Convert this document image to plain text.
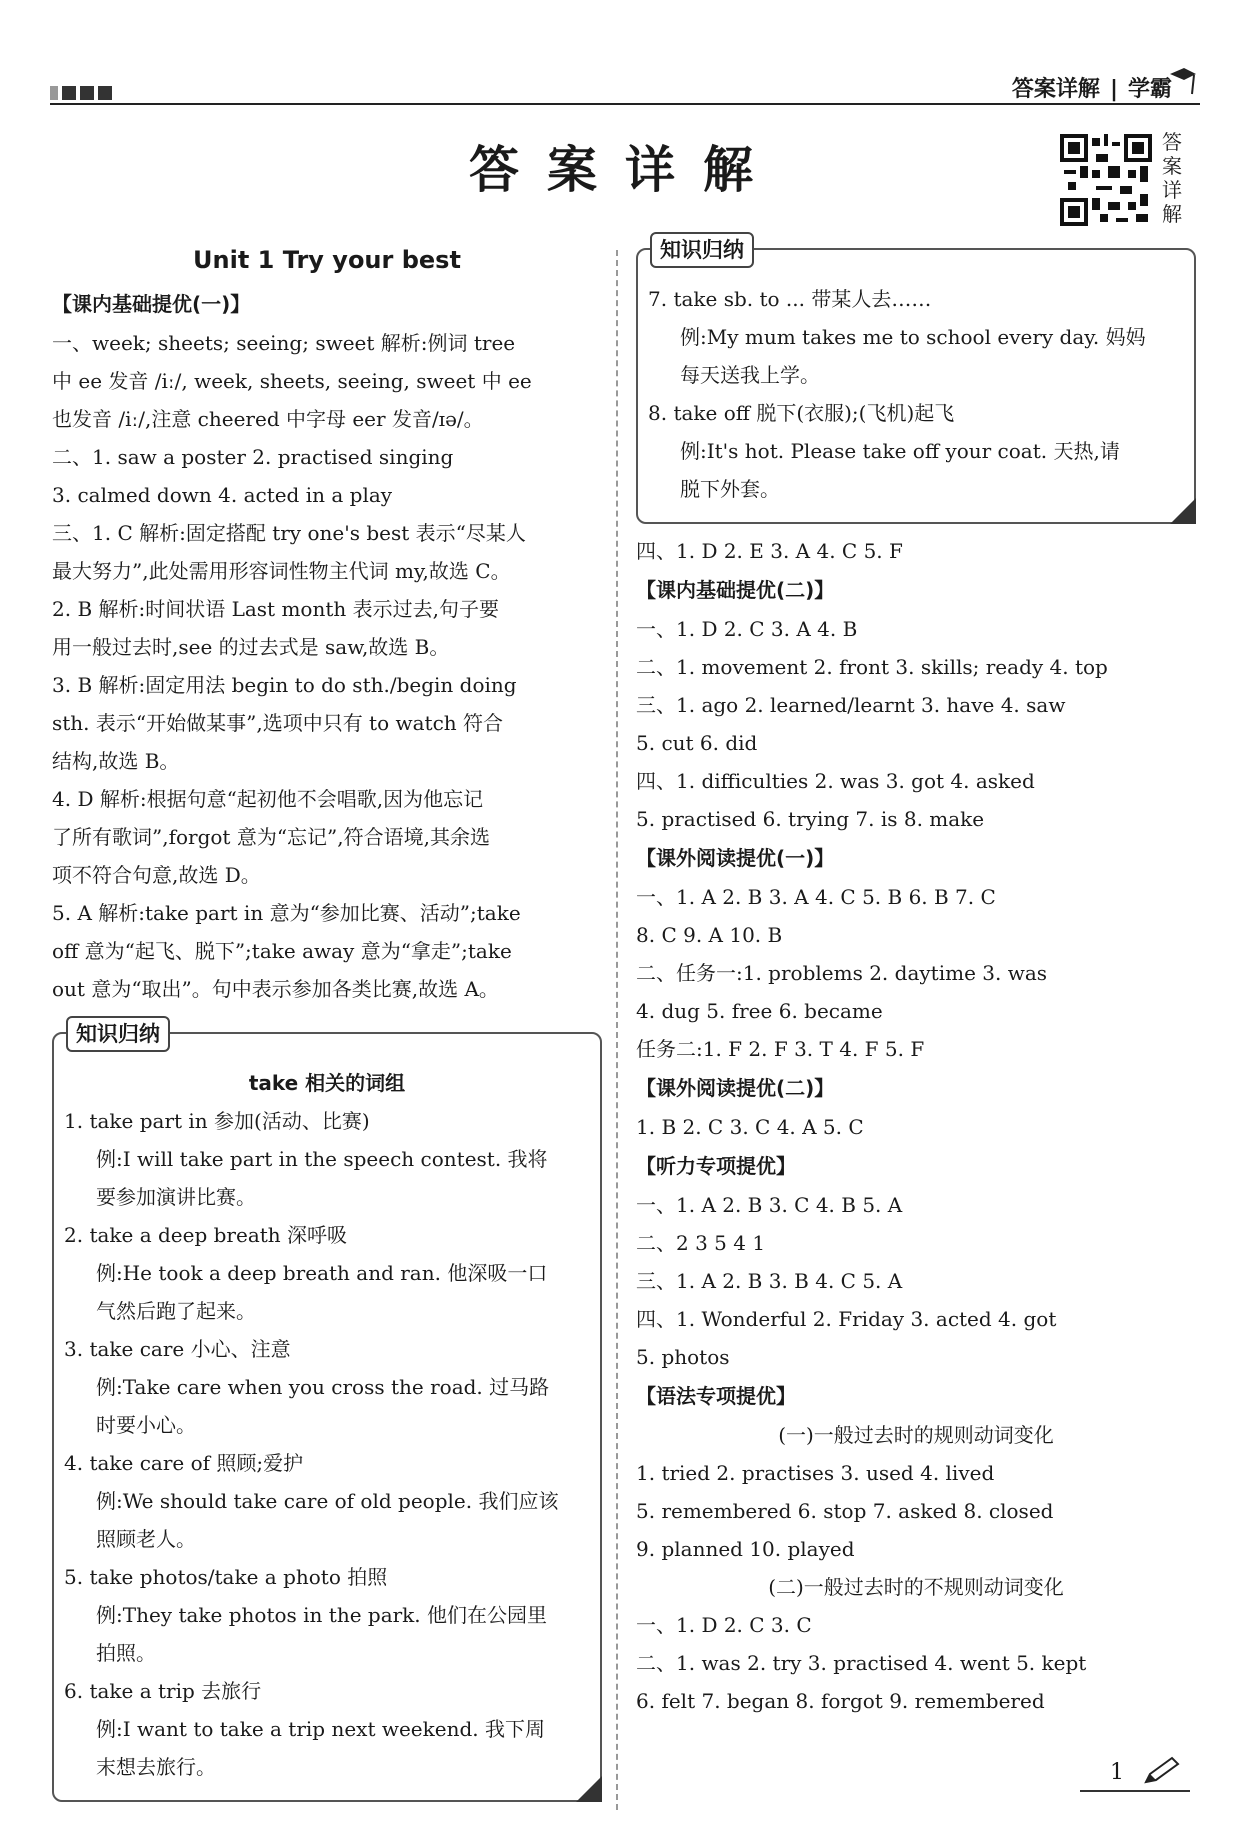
答案详解 | 学霸
答案详解	答案详解
Unit 1 Try your best
【课内基础提优(一)】
一、week; sheets; seeing; sweet 解析:例词 tree
中 ee 发音 /iː/, week, sheets, seeing, sweet 中 ee
也发音 /iː/,注意 cheered 中字母 eer 发音/ɪə/。
二、1. saw a poster 2. practised singing
3. calmed down 4. acted in a play
三、1. C 解析:固定搭配 try one's best 表示“尽某人
最大努力”,此处需用形容词性物主代词 my,故选 C。
2. B 解析:时间状语 Last month 表示过去,句子要
用一般过去时,see 的过去式是 saw,故选 B。
3. B 解析:固定用法 begin to do sth./begin doing
sth. 表示“开始做某事”,选项中只有 to watch 符合
结构,故选 B。
4. D 解析:根据句意“起初他不会唱歌,因为他忘记
了所有歌词”,forgot 意为“忘记”,符合语境,其余选
项不符合句意,故选 D。
5. A 解析:take part in 意为“参加比赛、活动”;take
off 意为“起飞、脱下”;take away 意为“拿走”;take
out 意为“取出”。句中表示参加各类比赛,故选 A。
知识归纳
take 相关的词组
1. take part in 参加(活动、比赛)
例:I will take part in the speech contest. 我将
要参加演讲比赛。
2. take a deep breath 深呼吸
例:He took a deep breath and ran. 他深吸一口
气然后跑了起来。
3. take care 小心、注意
例:Take care when you cross the road. 过马路
时要小心。
4. take care of 照顾;爱护
例:We should take care of old people. 我们应该
照顾老人。
5. take photos/take a photo 拍照
例:They take photos in the park. 他们在公园里
拍照。
6. take a trip 去旅行
例:I want to take a trip next weekend. 我下周
末想去旅行。
知识归纳
7. take sb. to ... 带某人去……
例:My mum takes me to school every day. 妈妈
每天送我上学。
8. take off 脱下(衣服);(飞机)起飞
例:It's hot. Please take off your coat. 天热,请
脱下外套。
四、1. D 2. E 3. A 4. C 5. F
【课内基础提优(二)】
一、1. D 2. C 3. A 4. B
二、1. movement 2. front 3. skills; ready 4. top
三、1. ago 2. learned/learnt 3. have 4. saw
5. cut 6. did
四、1. difficulties 2. was 3. got 4. asked
5. practised 6. trying 7. is 8. make
【课外阅读提优(一)】
一、1. A 2. B 3. A 4. C 5. B 6. B 7. C
8. C 9. A 10. B
二、任务一:1. problems 2. daytime 3. was
4. dug 5. free 6. became
任务二:1. F 2. F 3. T 4. F 5. F
【课外阅读提优(二)】
1. B 2. C 3. C 4. A 5. C
【听力专项提优】
一、1. A 2. B 3. C 4. B 5. A
二、2 3 5 4 1
三、1. A 2. B 3. B 4. C 5. A
四、1. Wonderful 2. Friday 3. acted 4. got
5. photos
【语法专项提优】
(一)一般过去时的规则动词变化
1. tried 2. practises 3. used 4. lived
5. remembered 6. stop 7. asked 8. closed
9. planned 10. played
(二)一般过去时的不规则动词变化
一、1. D 2. C 3. C
二、1. was 2. try 3. practised 4. went 5. kept
6. felt 7. began 8. forgot 9. remembered
1
